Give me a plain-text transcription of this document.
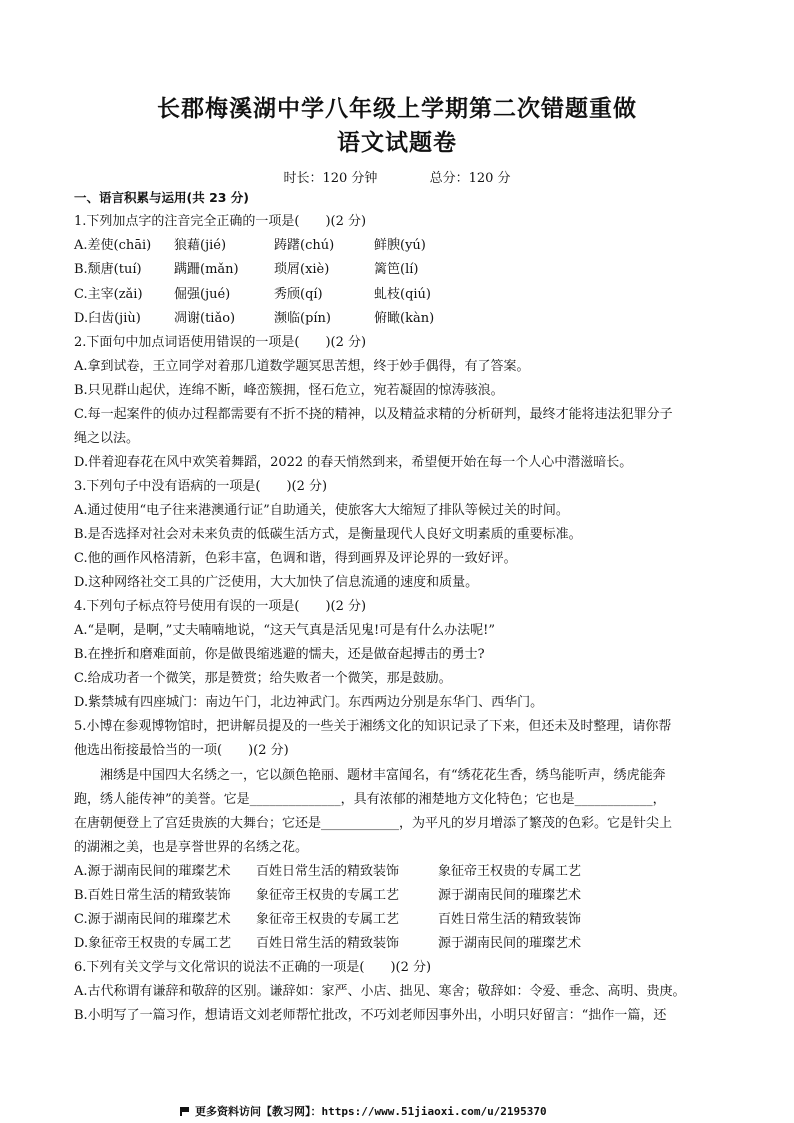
长郡梅溪湖中学八年级上学期第二次错题重做
语文试题卷
时长：120 分钟	总分：120 分
一、语言积累与运用(共 23 分)
1.下列加点字的注音完全正确的一项是(　　)(2 分)
A.差使(chāi) 狼藉(jié)	踌躇(chú)	鲜腴(yú)
B.颓唐(tuí) 蹒跚(mǎn)	琐屑(xiè)	篱笆(lí)
C.主宰(zǎi) 倔强(jué)	秀颀(qí)	虬枝(qiú)
D.臼齿(jiù)	凋谢(tiǎo)	濒临(pín)	俯瞰(kàn)
2.下面句中加点词语使用错误的一项是(　　)(2 分)
A.拿到试卷，王立同学对着那几道数学题冥思苦想，终于妙手偶得，有了答案。
B.只见群山起伏，连绵不断，峰峦簇拥，怪石危立，宛若凝固的惊涛骇浪。
C.每一起案件的侦办过程都需要有不折不挠的精神，以及精益求精的分析研判，最终才能将违法犯罪分子
绳之以法。
D.伴着迎春花在风中欢笑着舞蹈，2022 的春天悄然到来，希望便开始在每一个人心中潜滋暗长。
3.下列句子中没有语病的一项是(　　)(2 分)
A.通过使用“电子往来港澳通行证”自助通关，使旅客大大缩短了排队等候过关的时间。
B.是否选择对社会对未来负责的低碳生活方式，是衡量现代人良好文明素质的重要标准。
C.他的画作风格清新，色彩丰富，色调和谐，得到画界及评论界的一致好评。
D.这种网络社交工具的广泛使用，大大加快了信息流通的速度和质量。
4.下列句子标点符号使用有误的一项是(　　)(2 分)
A.“是啊，是啊，”丈夫喃喃地说，“这天气真是活见鬼!可是有什么办法呢!”
B.在挫折和磨难面前，你是做畏缩逃避的懦夫，还是做奋起搏击的勇士?
C.给成功者一个微笑，那是赞赏；给失败者一个微笑，那是鼓励。
D.紫禁城有四座城门：南边午门，北边神武门。东西两边分别是东华门、西华门。
5.小博在参观博物馆时，把讲解员提及的一些关于湘绣文化的知识记录了下来，但还未及时整理，请你帮
他选出衔接最恰当的一项(　　)(2 分)
　　湘绣是中国四大名绣之一，它以颜色艳丽、题材丰富闻名，有“绣花花生香，绣鸟能听声，绣虎能奔
跑，绣人能传神”的美誉。它是______________，具有浓郁的湘楚地方文化特色；它也是____________，
在唐朝便登上了宫廷贵族的大舞台；它还是____________，为平凡的岁月增添了繁茂的色彩。它是针尖上
的湖湘之美，也是享誉世界的名绣之花。
A.源于湖南民间的璀璨艺术 百姓日常生活的精致装饰	象征帝王权贵的专属工艺
B.百姓日常生活的精致装饰 象征帝王权贵的专属工艺	源于湖南民间的璀璨艺术
C.源于湖南民间的璀璨艺术 象征帝王权贵的专属工艺	百姓日常生活的精致装饰
D.象征帝王权贵的专属工艺 百姓日常生活的精致装饰	源于湖南民间的璀璨艺术
6.下列有关文学与文化常识的说法不正确的一项是(　　)(2 分)
A.古代称谓有谦辞和敬辞的区别。谦辞如：家严、小店、拙见、寒舍；敬辞如：令爱、垂念、高明、贵庚。
B.小明写了一篇习作，想请语文刘老师帮忙批改，不巧刘老师因事外出，小明只好留言：“拙作一篇，还
更多资料访问【教习网】：https://www.51jiaoxi.com/u/2195370
